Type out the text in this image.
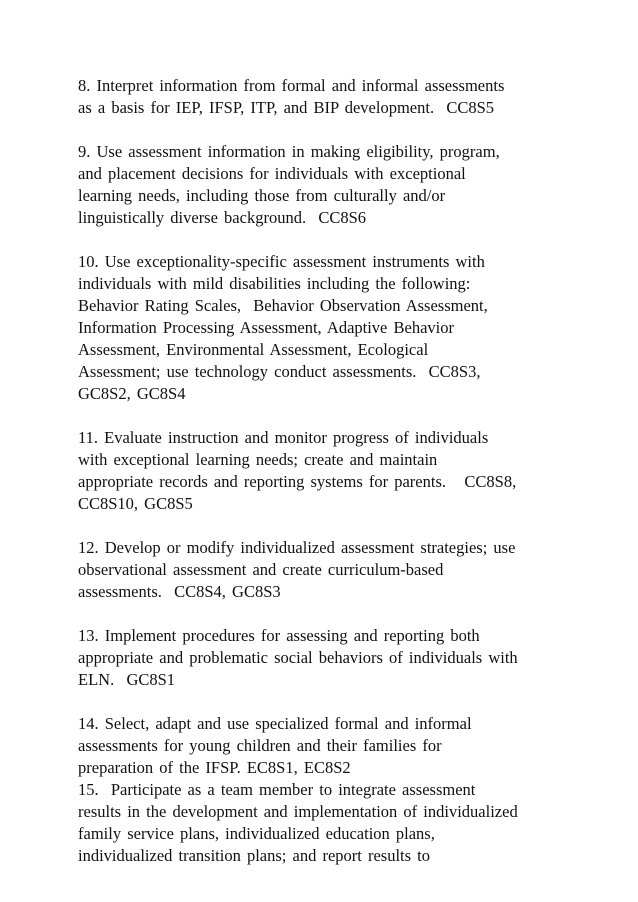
8. Interpret information from formal and informal assessments
as a basis for IEP, IFSP, ITP, and BIP development.  CC8S5
9. Use assessment information in making eligibility, program,
and placement decisions for individuals with exceptional
learning needs, including those from culturally and/or
linguistically diverse background.  CC8S6
10. Use exceptionality-specific assessment instruments with
individuals with mild disabilities including the following:
Behavior Rating Scales,  Behavior Observation Assessment,
Information Processing Assessment, Adaptive Behavior
Assessment, Environmental Assessment, Ecological
Assessment; use technology conduct assessments.  CC8S3,
GC8S2, GC8S4
11. Evaluate instruction and monitor progress of individuals
with exceptional learning needs; create and maintain
appropriate records and reporting systems for parents.   CC8S8,
CC8S10, GC8S5
12. Develop or modify individualized assessment strategies; use
observational assessment and create curriculum-based
assessments.  CC8S4, GC8S3
13. Implement procedures for assessing and reporting both
appropriate and problematic social behaviors of individuals with
ELN.  GC8S1
14. Select, adapt and use specialized formal and informal
assessments for young children and their families for
preparation of the IFSP. EC8S1, EC8S2
15.  Participate as a team member to integrate assessment
results in the development and implementation of individualized
family service plans, individualized education plans,
individualized transition plans; and report results to
